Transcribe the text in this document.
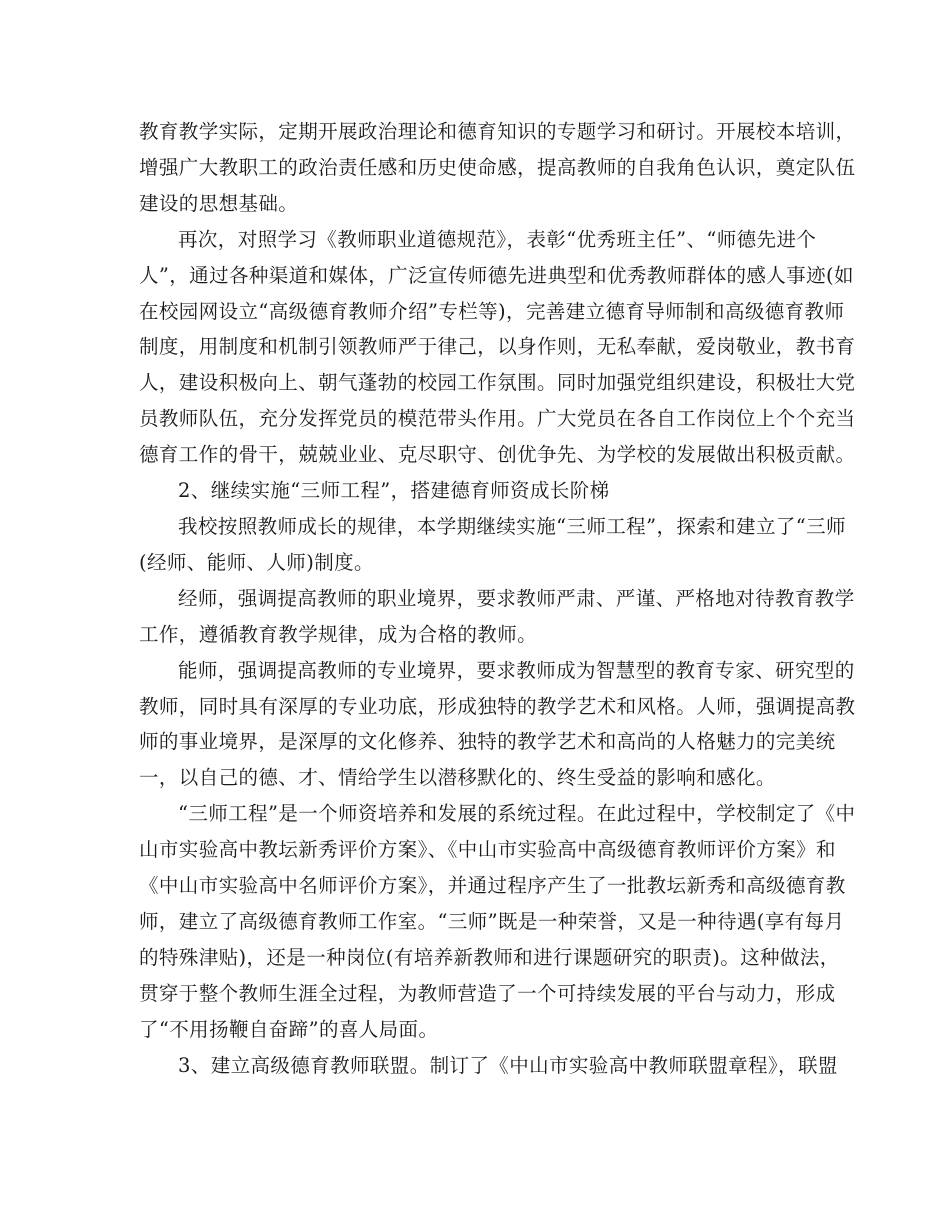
教育教学实际，定期开展政治理论和德育知识的专题学习和研讨。开展校本培训，
增强广大教职工的政治责任感和历史使命感，提高教师的自我角色认识，奠定队伍
建设的思想基础。
再次，对照学习《教师职业道德规范》，表彰“优秀班主任”、“师德先进个
人”，通过各种渠道和媒体，广泛宣传师德先进典型和优秀教师群体的感人事迹(如
在校园网设立“高级德育教师介绍”专栏等)，完善建立德育导师制和高级德育教师
制度，用制度和机制引领教师严于律己，以身作则，无私奉献，爱岗敬业，教书育
人，建设积极向上、朝气蓬勃的校园工作氛围。同时加强党组织建设，积极壮大党
员教师队伍，充分发挥党员的模范带头作用。广大党员在各自工作岗位上个个充当
德育工作的骨干，兢兢业业、克尽职守、创优争先、为学校的发展做出积极贡献。
2、继续实施“三师工程”，搭建德育师资成长阶梯
我校按照教师成长的规律，本学期继续实施“三师工程”，探索和建立了“三师
(经师、能师、人师)制度。
经师，强调提高教师的职业境界，要求教师严肃、严谨、严格地对待教育教学
工作，遵循教育教学规律，成为合格的教师。
能师，强调提高教师的专业境界，要求教师成为智慧型的教育专家、研究型的
教师，同时具有深厚的专业功底，形成独特的教学艺术和风格。人师，强调提高教
师的事业境界，是深厚的文化修养、独特的教学艺术和高尚的人格魅力的完美统
一，以自己的德、才、情给学生以潜移默化的、终生受益的影响和感化。
“三师工程”是一个师资培养和发展的系统过程。在此过程中，学校制定了《中
山市实验高中教坛新秀评价方案》、《中山市实验高中高级德育教师评价方案》和
《中山市实验高中名师评价方案》，并通过程序产生了一批教坛新秀和高级德育教
师，建立了高级德育教师工作室。“三师”既是一种荣誉，又是一种待遇(享有每月
的特殊津贴)，还是一种岗位(有培养新教师和进行课题研究的职责)。这种做法，
贯穿于整个教师生涯全过程，为教师营造了一个可持续发展的平台与动力，形成
了“不用扬鞭自奋蹄”的喜人局面。
3、建立高级德育教师联盟。制订了《中山市实验高中教师联盟章程》，联盟
